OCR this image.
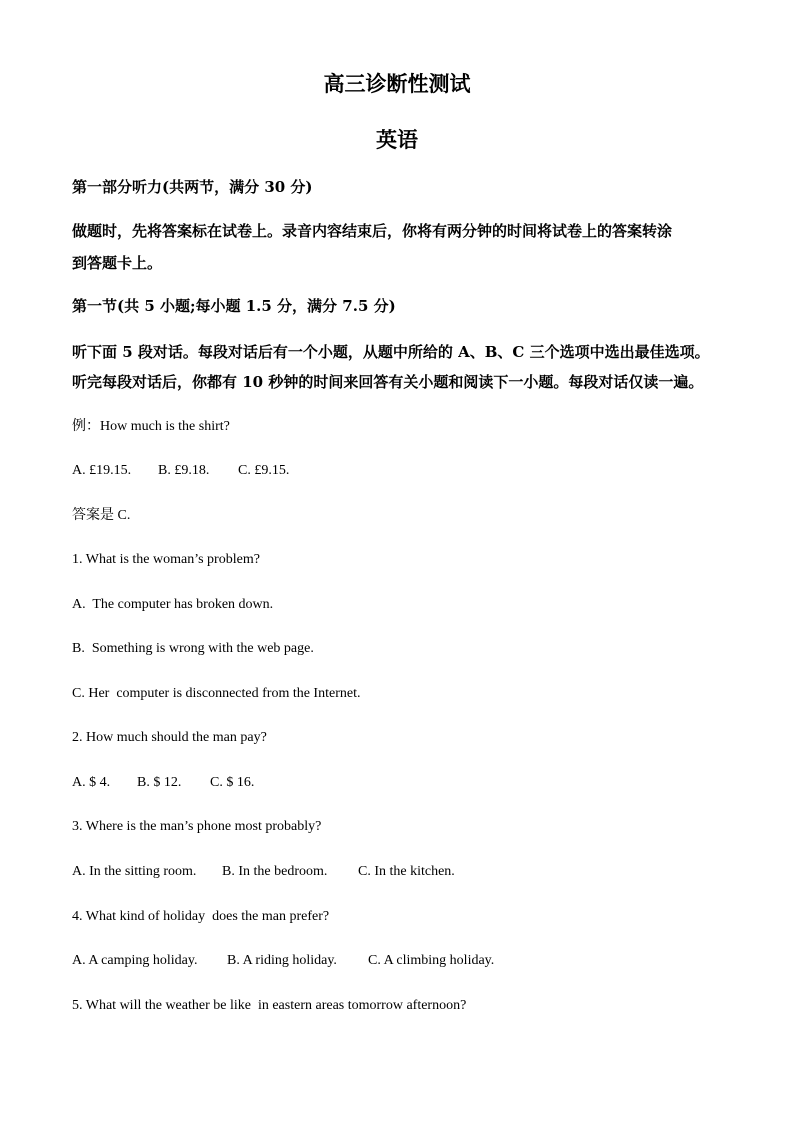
高三诊断性测试
英语
第一部分听力(共两节，满分 30 分)
做题时，先将答案标在试卷上。录音内容结束后，你将有两分钟的时间将试卷上的答案转涂
到答题卡上。
第一节(共 5 小题;每小题 1.5 分，满分 7.5 分)
听下面 5 段对话。每段对话后有一个小题，从题中所给的 A、B、C 三个选项中选出最佳选项。
听完每段对话后，你都有 10 秒钟的时间来回答有关小题和阅读下一小题。每段对话仅读一遍。
例：How much is the shirt?
A. £19.15. B. £9.18. C. £9.15.
答案是 C.
1. What is the woman’s problem?
A.  The computer has broken down.
B.  Something is wrong with the web page.
C. Her  computer is disconnected from the Internet.
2. How much should the man pay?
A. $ 4. B. $ 12. C. $ 16.
3. Where is the man’s phone most probably?
A. In the sitting room. B. In the bedroom. C. In the kitchen.
4. What kind of holiday  does the man prefer?
A. A camping holiday. B. A riding holiday. C. A climbing holiday.
5. What will the weather be like  in eastern areas tomorrow afternoon?
